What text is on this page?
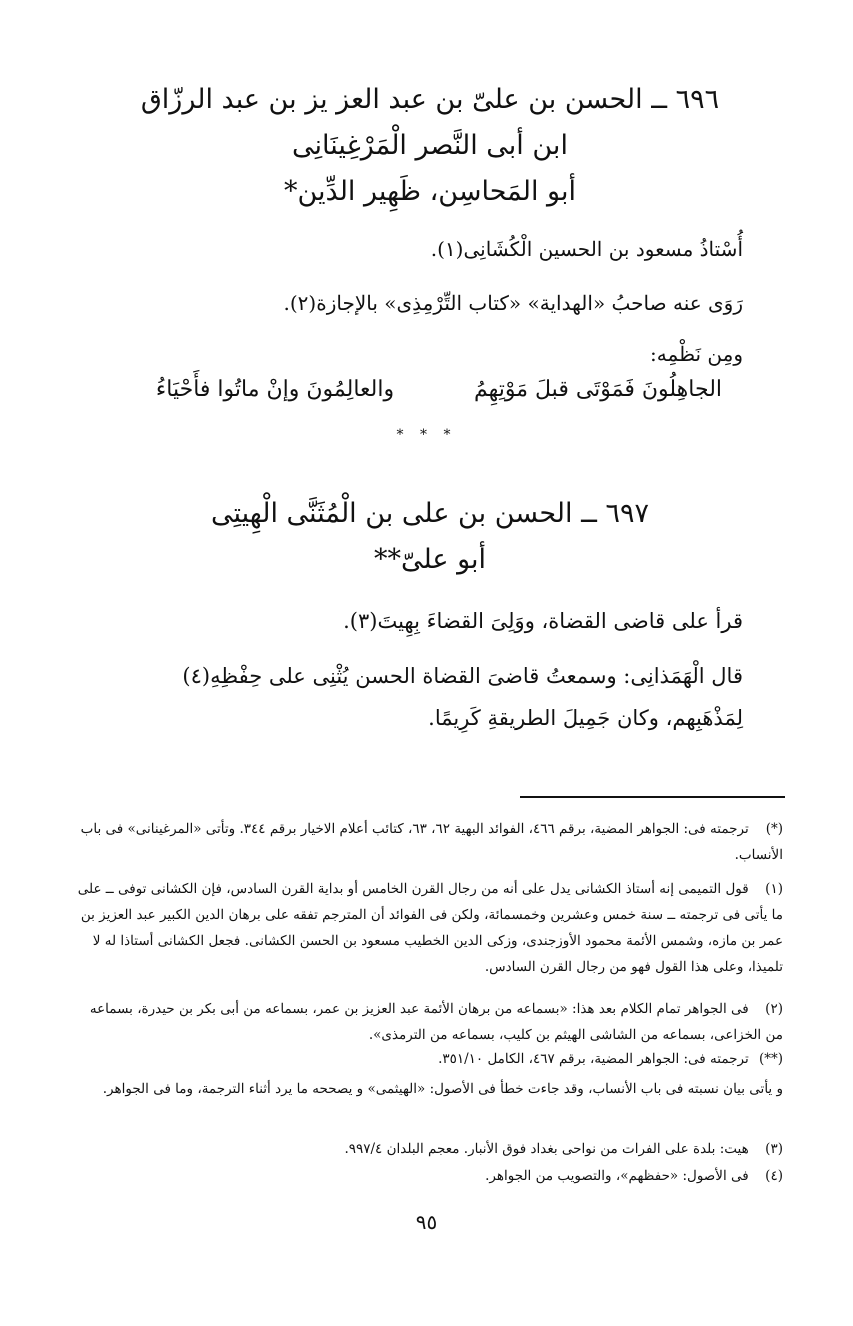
٦٩٦ ــ الحسن بن علىّ بن عبد العز يز بن عبد الرزّاق
ابن أبى النَّصر الْمَرْغِينَانِى
أبو المَحاسِن، ظَهِير الدِّين*
أُسْتاذُ مسعود بن الحسين الْكُشَانِى(١).
رَوَى عنه صاحبُ «الهداية» «كتاب التِّرْمِذِى» بالإجازة(٢).
ومِن نَظْمِه:
الجاهِلُونَ فَمَوْتَى قبلَ مَوْتِهِمُ
والعالِمُونَ وإنْ ماتُوا فأَحْيَاءُ
* * *
٦٩٧ ــ الحسن بن على بن الْمُثَنَّى الْهِيتِى
أبو علىّ**
قرأ على قاضى القضاة، ووَلِىَ القضاءَ بِهِيتَ(٣).
قال الْهَمَذانِى: وسمعتُ قاضىَ القضاة الحسن يُثْنِى على حِفْظِهِ(٤) لِمَذْهَبِهم، وكان جَمِيلَ الطريقةِ كَرِيمًا.
(*) ترجمته فى: الجواهر المضية، برقم ٤٦٦، الفوائد البهية ٦٢، ٦٣، كتائب أعلام الاخيار برقم ٣٤٤. وتأتى «المرغينانى» فى باب الأنساب.
(١) قول التميمى إنه أستاذ الكشانى يدل على أنه من رجال القرن الخامس أو بداية القرن السادس، فإن الكشانى توفى ــ على ما يأتى فى ترجمته ــ سنة خمس وعشرين وخمسمائة، ولكن فى الفوائد أن المترجم تفقه على برهان الدين الكبير عبد العزيز بن عمر بن مازه، وشمس الأئمة محمود الأوزجندى، وزكى الدين الخطيب مسعود بن الحسن الكشانى. فجعل الكشانى أستاذا له لا تلميذا، وعلى هذا القول فهو من رجال القرن السادس.
(٢) فى الجواهر تمام الكلام بعد هذا: «بسماعه من برهان الأئمة عبد العزيز بن عمر، بسماعه من أبى بكر بن حيدرة، بسماعه من الخزاعى، بسماعه من الشاشى الهيثم بن كليب، بسماعه من الترمذى».
(**) ترجمته فى: الجواهر المضية، برقم ٤٦٧، الكامل ٣٥١/١٠.
و يأتى بيان نسبته فى باب الأنساب، وقد جاءت خطأ فى الأصول: «الهيثمى» و يصححه ما يرد أثناء الترجمة، وما فى الجواهر.
(٣) هيت: بلدة على الفرات من نواحى بغداد فوق الأنبار. معجم البلدان ٩٩٧/٤.
(٤) فى الأصول: «حفظهم»، والتصويب من الجواهر.
٩٥
